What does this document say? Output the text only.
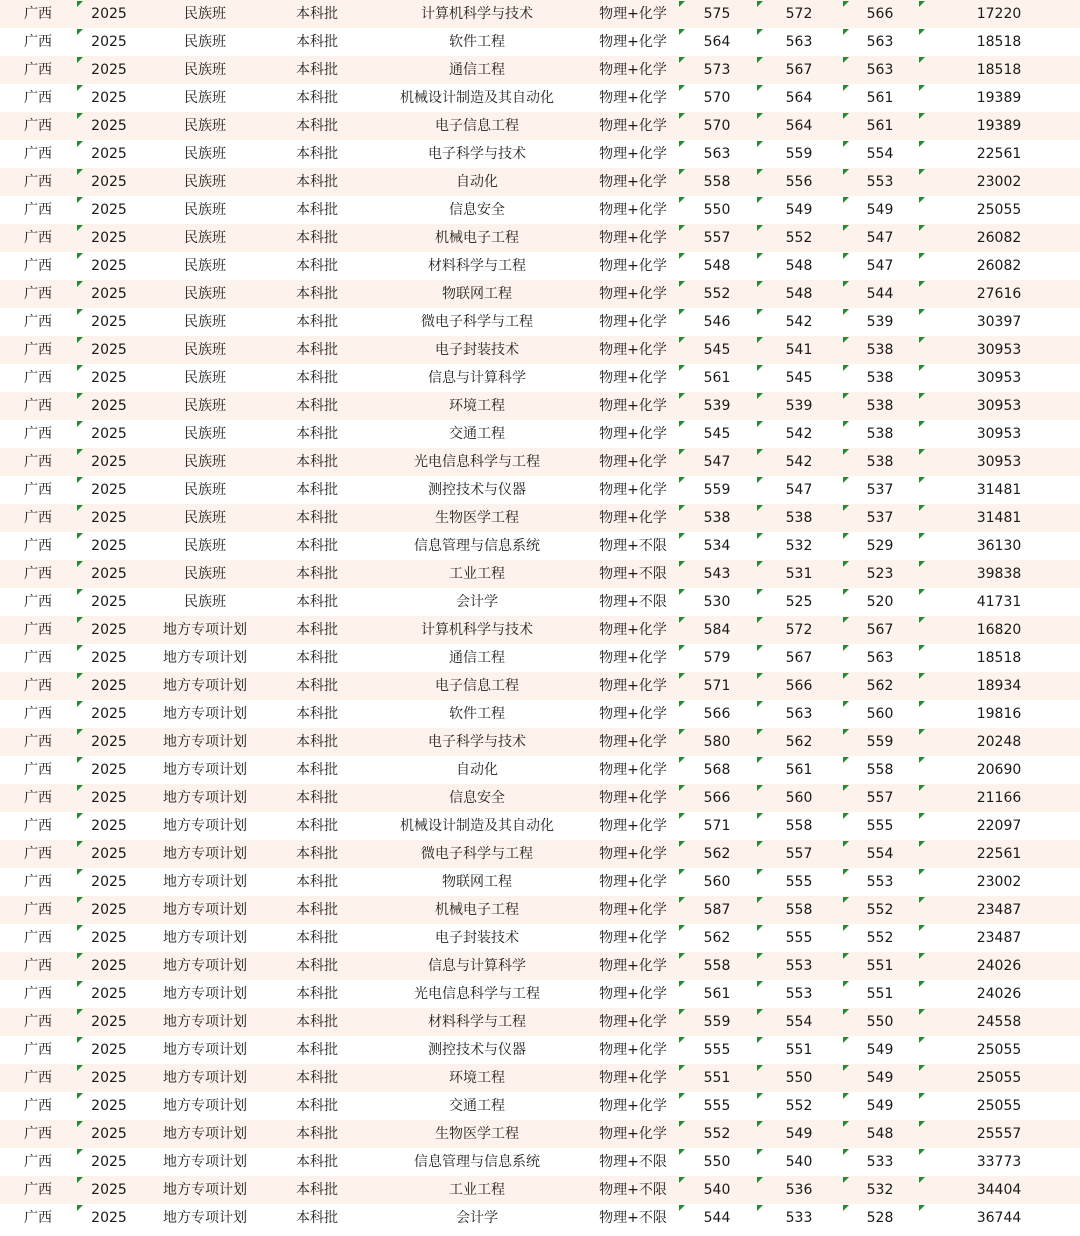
广西	2025	民族班	本科批	计算机科学与技术	物理+化学	575	572	566	17220
广西	2025	民族班	本科批	软件工程	物理+化学	564	563	563	18518
广西	2025	民族班	本科批	通信工程	物理+化学	573	567	563	18518
广西	2025	民族班	本科批	机械设计制造及其自动化	物理+化学	570	564	561	19389
广西	2025	民族班	本科批	电子信息工程	物理+化学	570	564	561	19389
广西	2025	民族班	本科批	电子科学与技术	物理+化学	563	559	554	22561
广西	2025	民族班	本科批	自动化	物理+化学	558	556	553	23002
广西	2025	民族班	本科批	信息安全	物理+化学	550	549	549	25055
广西	2025	民族班	本科批	机械电子工程	物理+化学	557	552	547	26082
广西	2025	民族班	本科批	材料科学与工程	物理+化学	548	548	547	26082
广西	2025	民族班	本科批	物联网工程	物理+化学	552	548	544	27616
广西	2025	民族班	本科批	微电子科学与工程	物理+化学	546	542	539	30397
广西	2025	民族班	本科批	电子封装技术	物理+化学	545	541	538	30953
广西	2025	民族班	本科批	信息与计算科学	物理+化学	561	545	538	30953
广西	2025	民族班	本科批	环境工程	物理+化学	539	539	538	30953
广西	2025	民族班	本科批	交通工程	物理+化学	545	542	538	30953
广西	2025	民族班	本科批	光电信息科学与工程	物理+化学	547	542	538	30953
广西	2025	民族班	本科批	测控技术与仪器	物理+化学	559	547	537	31481
广西	2025	民族班	本科批	生物医学工程	物理+化学	538	538	537	31481
广西	2025	民族班	本科批	信息管理与信息系统	物理+不限	534	532	529	36130
广西	2025	民族班	本科批	工业工程	物理+不限	543	531	523	39838
广西	2025	民族班	本科批	会计学	物理+不限	530	525	520	41731
广西	2025	地方专项计划	本科批	计算机科学与技术	物理+化学	584	572	567	16820
广西	2025	地方专项计划	本科批	通信工程	物理+化学	579	567	563	18518
广西	2025	地方专项计划	本科批	电子信息工程	物理+化学	571	566	562	18934
广西	2025	地方专项计划	本科批	软件工程	物理+化学	566	563	560	19816
广西	2025	地方专项计划	本科批	电子科学与技术	物理+化学	580	562	559	20248
广西	2025	地方专项计划	本科批	自动化	物理+化学	568	561	558	20690
广西	2025	地方专项计划	本科批	信息安全	物理+化学	566	560	557	21166
广西	2025	地方专项计划	本科批	机械设计制造及其自动化	物理+化学	571	558	555	22097
广西	2025	地方专项计划	本科批	微电子科学与工程	物理+化学	562	557	554	22561
广西	2025	地方专项计划	本科批	物联网工程	物理+化学	560	555	553	23002
广西	2025	地方专项计划	本科批	机械电子工程	物理+化学	587	558	552	23487
广西	2025	地方专项计划	本科批	电子封装技术	物理+化学	562	555	552	23487
广西	2025	地方专项计划	本科批	信息与计算科学	物理+化学	558	553	551	24026
广西	2025	地方专项计划	本科批	光电信息科学与工程	物理+化学	561	553	551	24026
广西	2025	地方专项计划	本科批	材料科学与工程	物理+化学	559	554	550	24558
广西	2025	地方专项计划	本科批	测控技术与仪器	物理+化学	555	551	549	25055
广西	2025	地方专项计划	本科批	环境工程	物理+化学	551	550	549	25055
广西	2025	地方专项计划	本科批	交通工程	物理+化学	555	552	549	25055
广西	2025	地方专项计划	本科批	生物医学工程	物理+化学	552	549	548	25557
广西	2025	地方专项计划	本科批	信息管理与信息系统	物理+不限	550	540	533	33773
广西	2025	地方专项计划	本科批	工业工程	物理+不限	540	536	532	34404
广西	2025	地方专项计划	本科批	会计学	物理+不限	544	533	528	36744
